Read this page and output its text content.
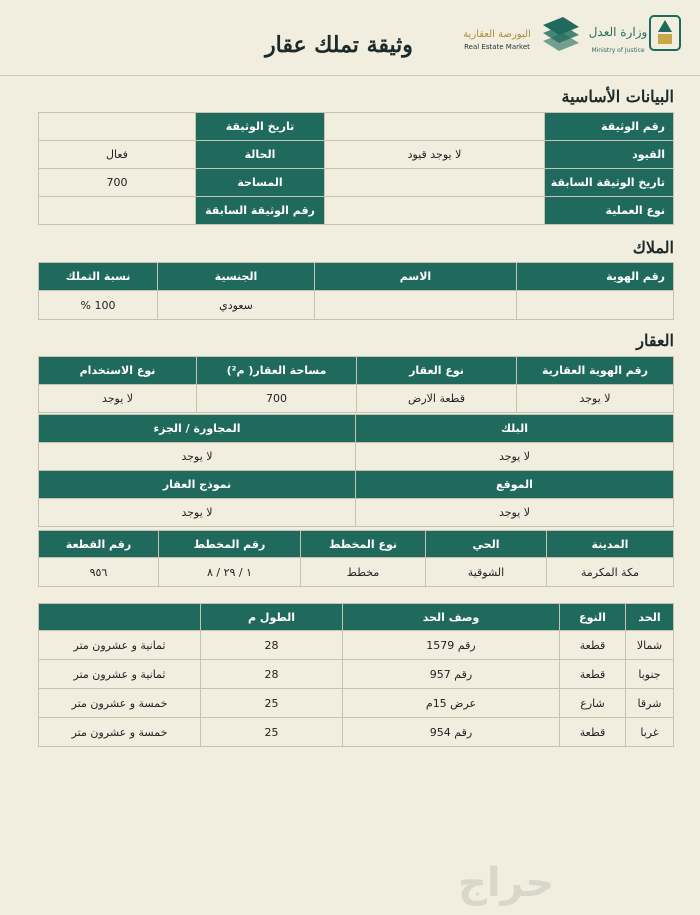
وزارة العدل
Ministry of Justice
البورصة العقارية
Real Estate Market
وثيقة تملك عقار
البيانات الأساسية
رقم الوثيقة		تاريخ الوثيقة	
القيود	لا يوجد قيود	الحالة	فعال
تاريخ الوثيقة السابقة		المساحة	700
نوع العملية		رقم الوثيقة السابقة	
الملاك
رقم الهوية	الاسم	الجنسية	نسبة التملك
		سعودي	100 %
العقار
رقم الهوية العقارية	نوع العقار	مساحة العقار( م²)	نوع الاستخدام
لا يوجد	قطعة الارض	700	لا يوجد
البلك	المجاورة / الجزء
لا يوجد	لا يوجد
الموقع	نموذج العقار
لا يوجد	لا يوجد
المدينة	الحي	نوع المخطط	رقم المخطط	رقم القطعة
مكة المكرمة	الشوقية	مخطط	١ / ٢٩ / ٨	٩٥٦
الحد	النوع	وصف الحد	الطول م	
شمالا	قطعة	رقم 1579	28	ثمانية و عشرون متر
جنوبا	قطعة	رقم 957	28	ثمانية و عشرون متر
شرقا	شارع	عرض 15م	25	خمسة و عشرون متر
غربا	قطعة	رقم 954	25	خمسة و عشرون متر
حراج
